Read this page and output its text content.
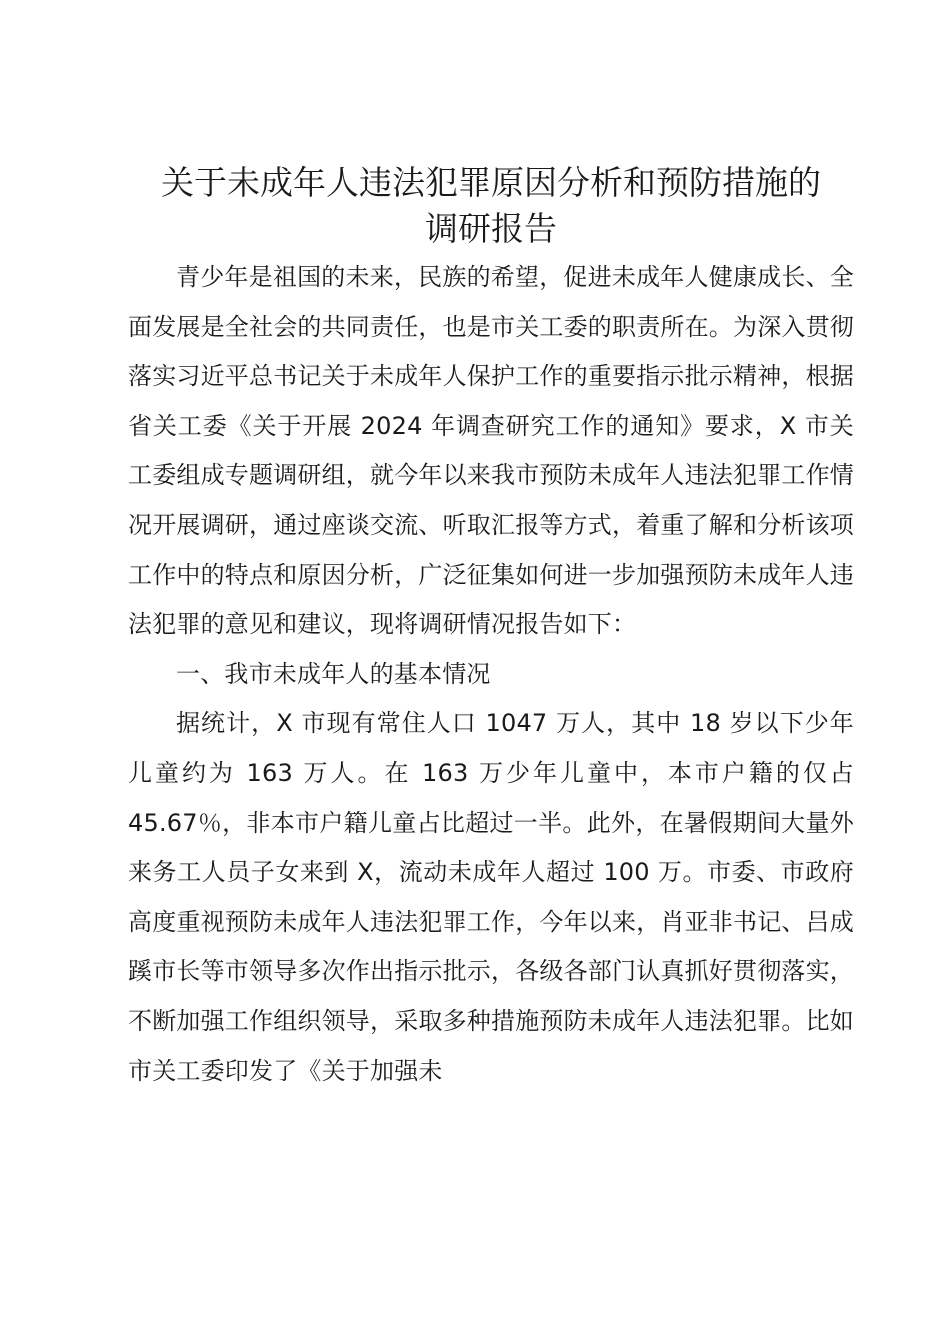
关于未成年人违法犯罪原因分析和预防措施的
调研报告

青少年是祖国的未来，民族的希望，促进未成年人健康成长、全面发展是全社会的共同责任，也是市关工委的职责所在。为深入贯彻落实习近平总书记关于未成年人保护工作的重要指示批示精神，根据省关工委《关于开展 2024 年调查研究工作的通知》要求，X 市关工委组成专题调研组，就今年以来我市预防未成年人违法犯罪工作情况开展调研，通过座谈交流、听取汇报等方式，着重了解和分析该项工作中的特点和原因分析，广泛征集如何进一步加强预防未成年人违法犯罪的意见和建议，现将调研情况报告如下：

一、我市未成年人的基本情况

据统计，X 市现有常住人口 1047 万人，其中 18 岁以下少年儿童约为 163 万人。在 163 万少年儿童中，本市户籍的仅占 45.67％，非本市户籍儿童占比超过一半。此外，在暑假期间大量外来务工人员子女来到 X，流动未成年人超过 100 万。市委、市政府高度重视预防未成年人违法犯罪工作，今年以来，肖亚非书记、吕成蹊市长等市领导多次作出指示批示，各级各部门认真抓好贯彻落实，不断加强工作组织领导，采取多种措施预防未成年人违法犯罪。比如市关工委印发了《关于加强未
